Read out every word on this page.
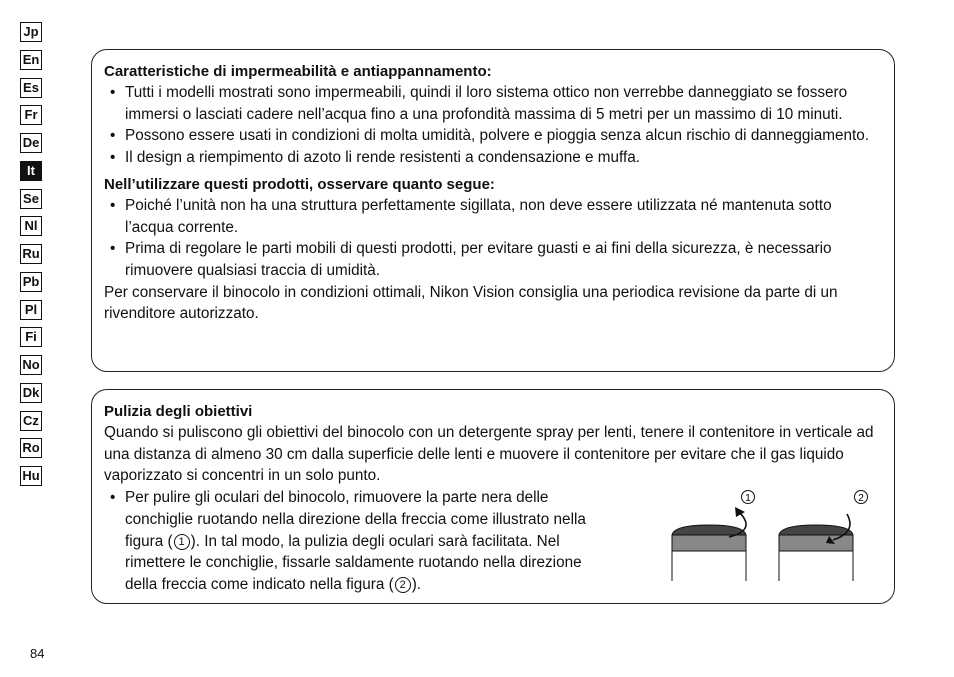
Jp
En
Es
Fr
De
It
Se
Nl
Ru
Pb
Pl
Fi
No
Dk
Cz
Ro
Hu
Caratteristiche di impermeabilità e antiappannamento:
• Tutti i modelli mostrati sono impermeabili, quindi il loro sistema ottico non verrebbe danneggiato se fossero immersi o lasciati cadere nell’acqua fino a una profondità massima di 5 metri per un massimo di 10 minuti.
• Possono essere usati in condizioni di molta umidità, polvere e pioggia senza alcun rischio di danneggiamento.
• Il design a riempimento di azoto li rende resistenti a condensazione e muffa.
Nell’utilizzare questi prodotti, osservare quanto segue:
• Poiché l’unità non ha una struttura perfettamente sigillata, non deve essere utilizzata né mantenuta sotto l’acqua corrente.
• Prima di regolare le parti mobili di questi prodotti, per evitare guasti e ai fini della sicurezza, è necessario rimuovere qualsiasi traccia di umidità.

Per conservare il binocolo in condizioni ottimali, Nikon Vision consiglia una periodica revisione da parte di un rivenditore autorizzato.

Pulizia degli obiettivi

Quando si puliscono gli obiettivi del binocolo con un detergente spray per lenti, tenere il contenitore in verticale ad una distanza di almeno 30 cm dalla superficie delle lenti e muovere il contenitore per evitare che il gas liquido vaporizzato si concentri in un solo punto.

• Per pulire gli oculari del binocolo, rimuovere la parte nera delle conchiglie ruotando nella direzione della freccia come illustrato nella figura ( 1 ). In tal modo, la pulizia degli oculari sarà facilitata. Nel rimettere le conchiglie, fissarle saldamente ruotando nella direzione della freccia come indicato nella figura ( 2 ).
1	2
84
